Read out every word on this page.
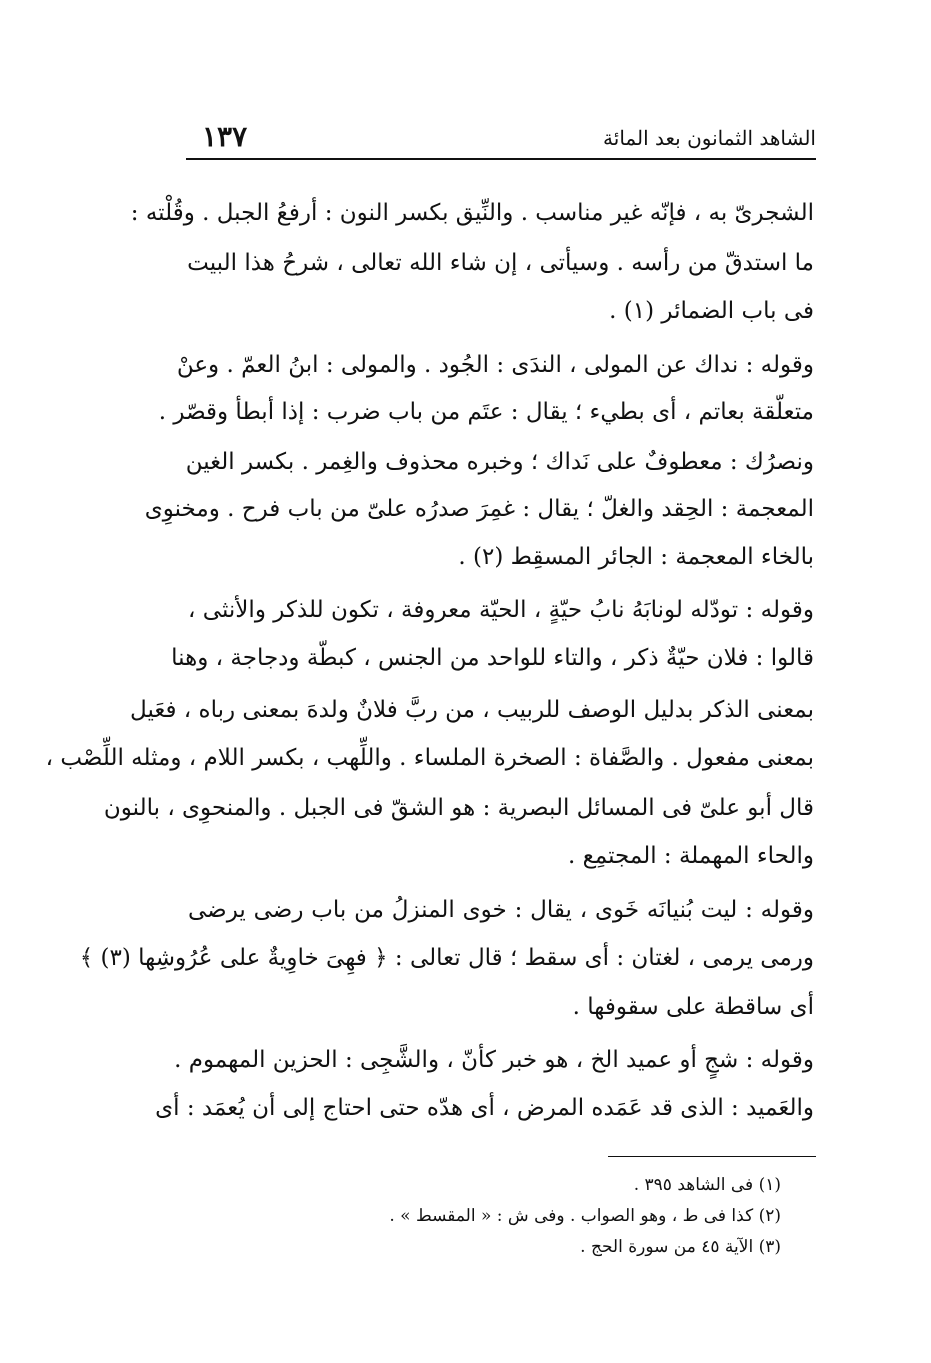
الشاهد الثمانون بعد المائة
١٣٧
الشجرىّ به ، فإنّه غير مناسب . والنِّيق بكسر النون : أرفعُ الجبل . وقُلْته :
ما استدقّ من رأسه . وسيأتى ، إن شاء الله تعالى ، شرحُ هذا البيت
فى باب الضمائر (١) .
وقوله : نداك عن المولى ، الندَى : الجُود . والمولى : ابنُ العمّ . وعنْ
متعلّقة بعاتم ، أى بطيء ؛ يقال : عتَم من باب ضرب : إذا أبطأ وقصّر .
ونصرُك : معطوفٌ على نَداك ؛ وخبره محذوف والغِمر . بكسر الغين
المعجمة : الحِقد والغلّ ؛ يقال : غمِرَ صدرُه علىّ من باب فرح . ومخنوِى
بالخاء المعجمة : الجائر المسقِط (٢) .
وقوله : تودّله لونابَهُ نابُ حيّةٍ ، الحيّة معروفة ، تكون للذكر والأنثى ،
قالوا : فلان حيّةٌ ذكر ، والتاء للواحد من الجنس ، كبطّة ودجاجة ، وهنا
بمعنى الذكر بدليل الوصف للربيب ، من ربَّ فلانٌ ولدهَ بمعنى رباه ، فعَيل
بمعنى مفعول . والصَّفاة : الصخرة الملساء . واللِّهب ، بكسر اللام ، ومثله اللِّصْب ،
قال أبو علىّ فى المسائل البصرية : هو الشقّ فى الجبل . والمنحوِى ، بالنون
والحاء المهملة : المجتمِع .
وقوله : ليت بُنيانَه خَوى ، يقال : خوى المنزلُ من باب رضى يرضى
ورمى يرمى ، لغتان : أى سقط ؛ قال تعالى : ﴿ فهِىَ خاوِيةٌ على عُرُوشِها (٣) ﴾
أى ساقطة على سقوفها .
وقوله : شجٍ أو عميد الخ ، هو خبر كأنّ ، والشَّجِى : الحزين المهموم .
والعَميد : الذى قد عَمَده المرض ، أى هدّه حتى احتاج إلى أن يُعمَد : أى
(١) فى الشاهد ٣٩٥ .
(٢) كذا فى ط ، وهو الصواب . وفى ش : « المقسط » .
(٣) الآية ٤٥ من سورة الحج .
